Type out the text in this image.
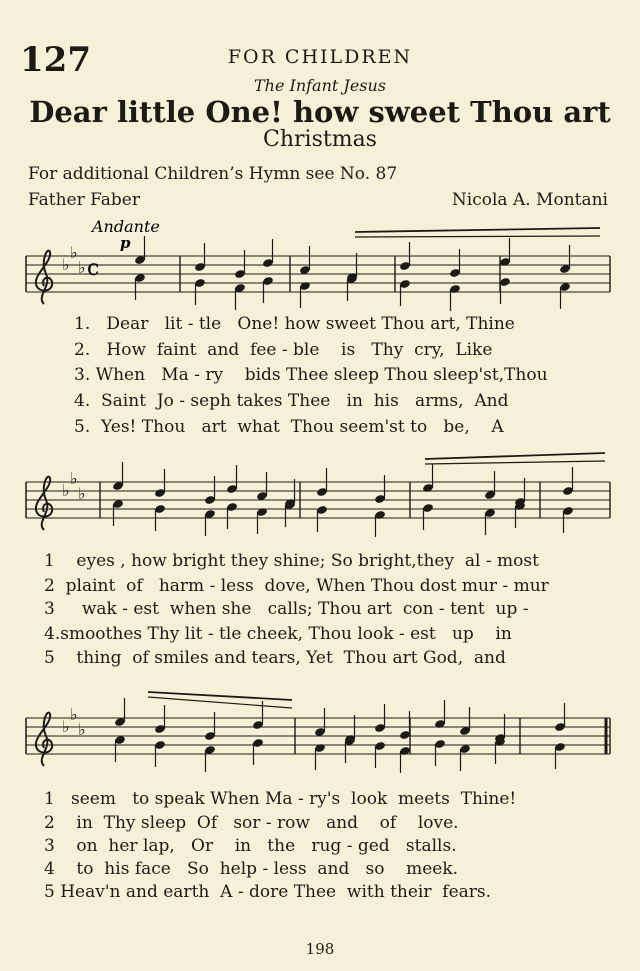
127	FOR CHILDREN
The Infant Jesus
Dear little One! how sweet Thou art
Christmas
For additional Children’s Hymn see No. 87
Father Faber	Nicola A. Montani
♭
♭
♭
♭
♭
♭
♭
♭
♭
Andante
p
c
1.   Dear   lit - tle   One! how sweet Thou art, Thine
2.   How  faint  and  fee - ble    is   Thy  cry,  Like
3. When   Ma - ry    bids Thee sleep Thou sleep'st,Thou
4.  Saint  Jo - seph takes Thee   in  his   arms,  And
5.  Yes! Thou   art  what  Thou seem'st to   be,    A
1    eyes , how bright they shine; So bright,they  al - most
2  plaint  of   harm - less  dove, When Thou dost mur - mur
3     wak - est  when she   calls; Thou art  con - tent  up -
4.smoothes Thy lit - tle cheek, Thou look - est   up    in
5    thing  of smiles and tears, Yet  Thou art God,  and
1   seem   to speak When Ma - ry's  look  meets  Thine!
2    in  Thy sleep  Of   sor - row   and    of    love.
3    on  her lap,   Or    in   the   rug - ged   stalls.
4    to  his face   So  help - less  and   so    meek.
5 Heav'n and earth  A - dore Thee  with their  fears.
198
